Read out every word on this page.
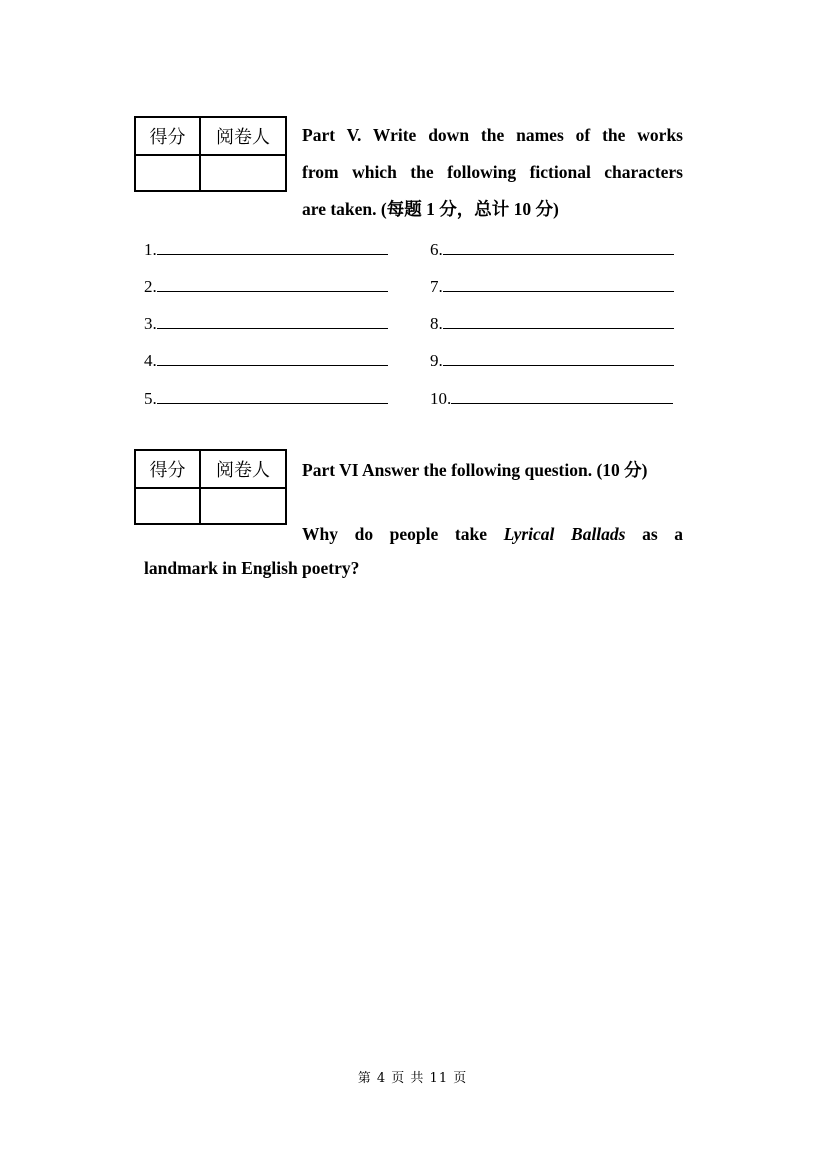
得分	阅卷人
	Part V. Write down the names of the works
from which the following fictional characters
are taken. (每题 1 分，总计 10 分)
1.
2.
3.
4.
5.
6.
7.
8.
9.
10.
得分	阅卷人
	Part VI Answer the following question. (10 分)
Why do people take Lyrical Ballads as a
landmark in English poetry?
第 4 页 共 11 页
